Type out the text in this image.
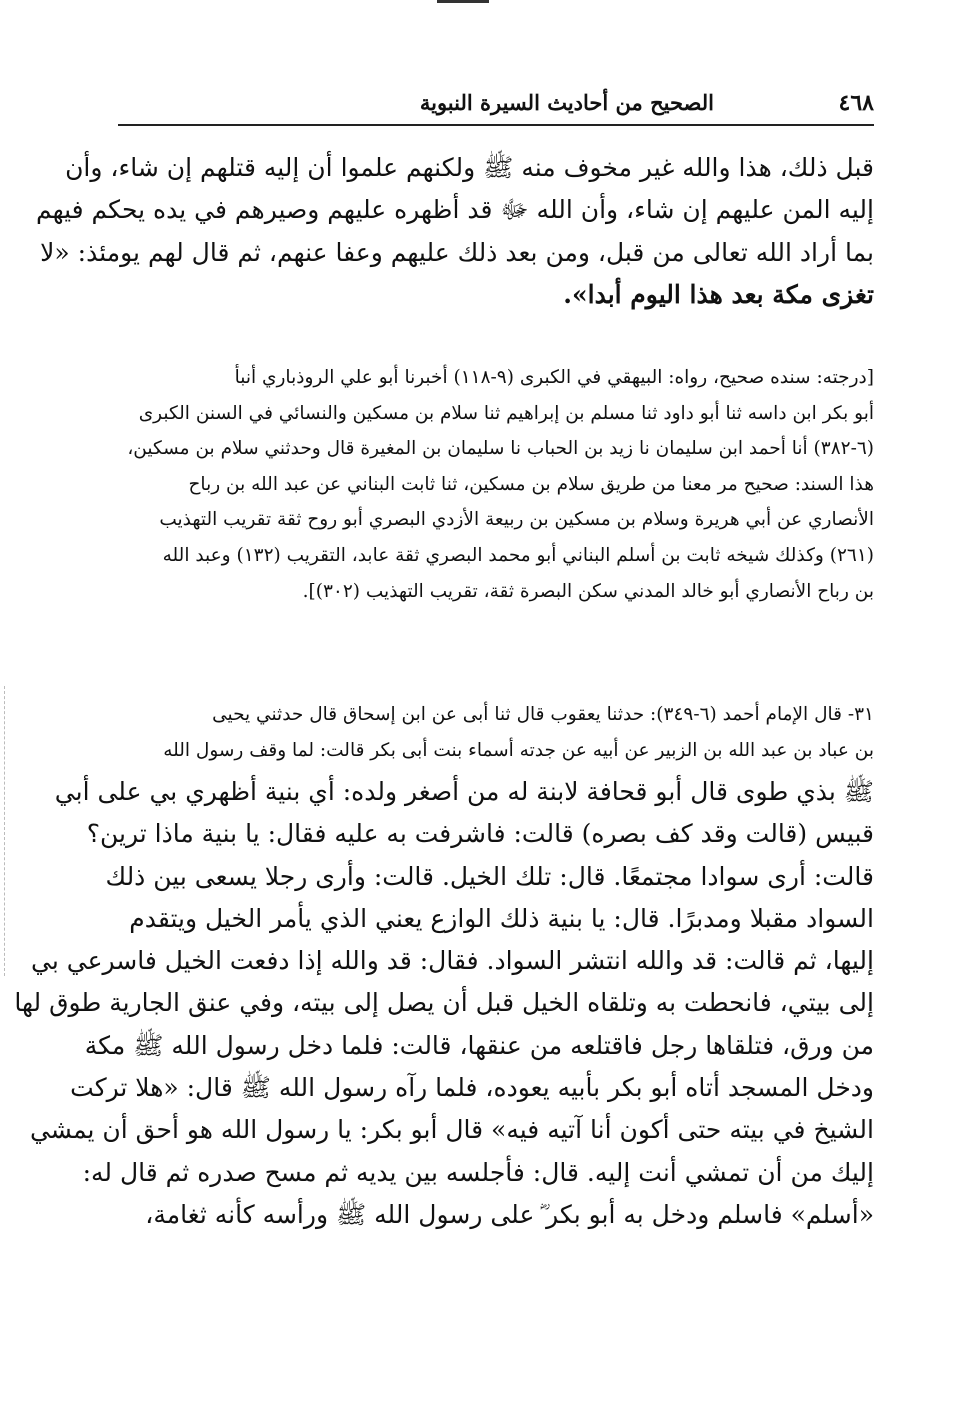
الصحيح من أحاديث السيرة النبوية	٤٦٨
قبل ذلك، هذا والله غير مخوف منه ﷺ ولكنهم علموا أن إليه قتلهم إن شاء، وأن
إليه المن عليهم إن شاء، وأن الله ﷻ قد أظهره عليهم وصيرهم في يده يحكم فيهم
بما أراد الله تعالى من قبل، ومن بعد ذلك عليهم وعفا عنهم، ثم قال لهم يومئذ: «لا
تغزى مكة بعد هذا اليوم أبدا».
[درجته: سنده صحيح، رواه: البيهقي في الكبرى (٩-١١٨) أخبرنا أبو علي الروذباري أنبأ
أبو بكر ابن داسه ثنا أبو داود ثنا مسلم بن إبراهيم ثنا سلام بن مسكين والنسائي في السنن الكبرى
(٦-٣٨٢) أنا أحمد ابن سليمان نا زيد بن الحباب نا سليمان بن المغيرة قال وحدثني سلام بن مسكين،
هذا السند: صحيح مر معنا من طريق سلام بن مسكين، ثنا ثابت البناني عن عبد الله بن رباح
الأنصاري عن أبي هريرة وسلام بن مسكين بن ربيعة الأزدي البصري أبو روح ثقة تقريب التهذيب
(٢٦١) وكذلك شيخه ثابت بن أسلم البناني أبو محمد البصري ثقة عابد، التقريب (١٣٢) وعبد الله
بن رباح الأنصاري أبو خالد المدني سكن البصرة ثقة، تقريب التهذيب (٣٠٢)].
٣١- قال الإمام أحمد (٦-٣٤٩): حدثنا يعقوب قال ثنا أبى عن ابن إسحاق قال حدثني يحيى
بن عباد بن عبد الله بن الزبير عن أبيه عن جدته أسماء بنت أبى بكر قالت: لما وقف رسول الله
ﷺ بذي طوى قال أبو قحافة لابنة له من أصغر ولده: أي بنية أظهري بي على أبي
قبيس (قالت وقد كف بصره) قالت: فاشرفت به عليه فقال: يا بنية ماذا ترين؟
قالت: أرى سوادا مجتمعًا. قال: تلك الخيل. قالت: وأرى رجلا يسعى بين ذلك
السواد مقبلا ومدبرًا. قال: يا بنية ذلك الوازع يعني الذي يأمر الخيل ويتقدم
إليها، ثم قالت: قد والله انتشر السواد. فقال: قد والله إذا دفعت الخيل فاسرعي بي
إلى بيتي، فانحطت به وتلقاه الخيل قبل أن يصل إلى بيته، وفي عنق الجارية طوق لها
من ورق، فتلقاها رجل فاقتلعه من عنقها، قالت: فلما دخل رسول الله ﷺ مكة
ودخل المسجد أتاه أبو بكر بأبيه يعوده، فلما رآه رسول الله ﷺ قال: «هلا تركت
الشيخ في بيته حتى أكون أنا آتيه فيه» قال أبو بكر: يا رسول الله هو أحق أن يمشي
إليك من أن تمشي أنت إليه. قال: فأجلسه بين يديه ثم مسح صدره ثم قال له:
«أسلم» فاسلم ودخل به أبو بكر ؓ على رسول الله ﷺ ورأسه كأنه ثغامة،
